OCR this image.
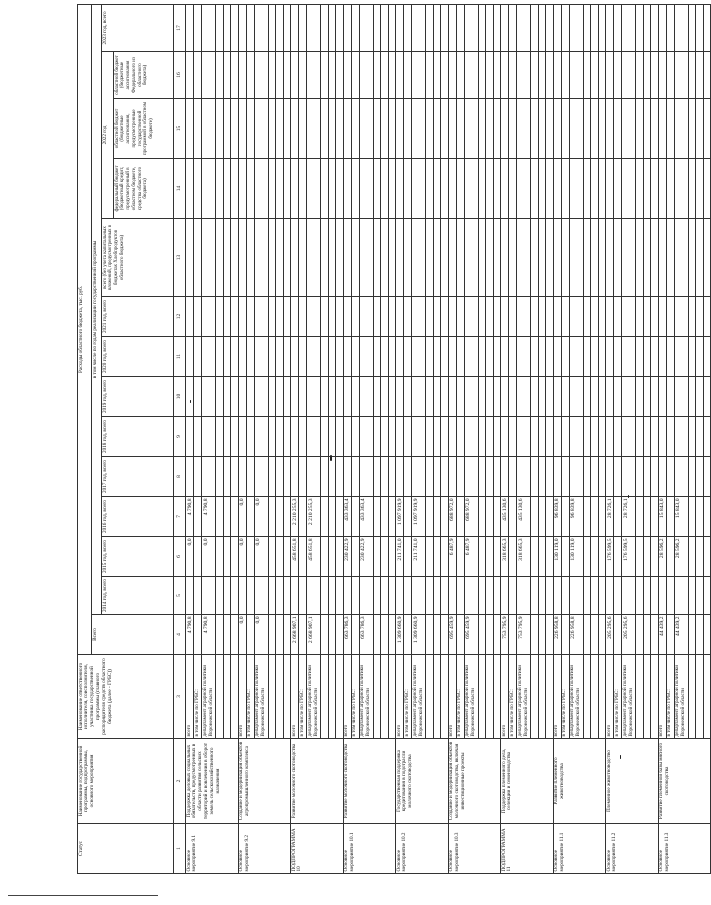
Статус	Наименование государственной программы, подпрограммы, основного мероприятия	Наименование ответственного исполнителя, соисполнителя, участника государственной программы (главного распорядителя средств областного бюджета (далее - ГРБС))	Расходы областного бюджета, тыс. руб.														
			Всего	в том числе по годам реализации государственной программы													
				2014 год, всего	2015 год, всего	2016 год, всего	2017 год, всего	2018 год, всего	2019 год, всего	2020 год, всего	2021 год, всего	всего (без учета капитальных вложений, предусмотренных в бюджетах Хлебпродуктов областного бюджета)	2022 год			2023 год, всего	
													федеральный бюджет (бюджетный кредит, предусмотренный в областном бюджете, средства областного бюджета)	областной бюджет (бюджетные ассигнования, предусмотренные государственной программой в областном бюджете)	областной бюджет (бюджетные ассигнования Федерального из областного бюджета)		
1	2	3	4	5	6	7	8	9	10	11	12	13	14	15	16	17	
Основное мероприятие 9.1	Поддержка деловых социальных обязательств, предусмотренных в области развития сельских территорий и вовлечения в оборот земель сельскохозяйственного назначения	всего	4 790,8		0,0	4 790,8											
		в том числе по ГРБС:															
		департамент аграрной политики Воронежской области	4 790,8		0,0	4 790,8											

Основное мероприятие 9.2	Создание и модернизация объектов агропромышленного комплекса	всего	0,0		0,0	0,0											
		в том числе по ГРБС:															
		департамент аграрной политики Воронежской области	0,0		0,0	0,0											

ПОДПРОГРАММА 10	Развитие молочного скотоводства	всего	2 668 907,1		458 651,8	2 210 255,3											
		в том числе по ГРБС:															
		департамент аграрной политики Воронежской области	2 668 907,1		458 651,8	2 210 255,3											

Основное мероприятие 10.1	Развитие молочного скотоводства	всего	663 786,3		230 422,9	433 363,4											
		в том числе по ГРБС:															
		департамент аграрной политики Воронежской области	663 786,3		230 422,9	433 363,4											

Основное мероприятие 10.2	Государственная поддержка кредитования в подотрасли молочного скотоводства	всего	1 309 660,9		211 741,0	1 097 919,9											
		в том числе по ГРБС:															
		департамент аграрной политики Воронежской области	1 309 660,9		211 741,0	1 097 919,9											

Основное мероприятие 10.3	Создание и модернизация объектов молочного скотоводства, включая инвестиционные проекты	всего	695 459,9		6 487,9	688 972,0											
		в том числе по ГРБС:															
		департамент аграрной политики Воронежской области	695 459,9		6 487,9	688 972,0											

ПОДПРОГРАММА 11	Поддержка племенного дела, селекции и семеноводства	всего	753 795,9		318 665,3	435 130,6											
		в том числе по ГРБС:															
		департамент аграрной политики Воронежской области	753 795,9		318 665,3	435 130,6											

Основное мероприятие 11.1	Развитие племенного животноводства	всего	226 958,8		130 119,0	96 839,8											
		в том числе по ГРБС:															
		департамент аграрной политики Воронежской области	226 958,8		130 119,0	96 839,8											

Основное мероприятие 11.2	Племенное животноводство	всего	205 295,6		176 599,5	28 726,1											
		в том числе по ГРБС:															
		департамент аграрной политики Воронежской области	205 295,6		176 599,5	28 726,1											

Основное мероприятие 11.3	Развитие племенной базы мясного скотоводства	всего	44 439,2		28 596,2	15 843,0											
		в том числе по ГРБС:															
		департамент аграрной политики Воронежской области	44 439,2		28 596,2	15 843,0											
